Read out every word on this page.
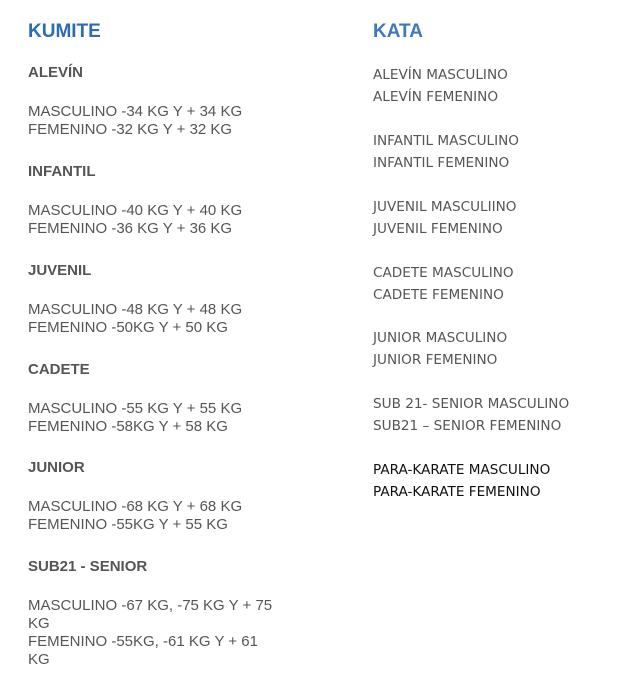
KUMITE
ALEVÍN
MASCULINO -34 KG Y + 34 KG
FEMENINO -32 KG Y + 32 KG
INFANTIL
MASCULINO -40 KG Y + 40 KG
FEMENINO -36 KG Y + 36 KG
JUVENIL
MASCULINO -48 KG Y + 48 KG
FEMENINO -50KG Y + 50 KG
CADETE
MASCULINO -55 KG Y + 55 KG
FEMENINO -58KG Y + 58 KG
JUNIOR
MASCULINO -68 KG Y + 68 KG
FEMENINO -55KG Y + 55 KG
SUB21 - SENIOR
MASCULINO -67 KG, -75 KG Y + 75 KG
FEMENINO -55KG, -61 KG Y + 61 KG
KATA
ALEVÍN MASCULINO
ALEVÍN FEMENINO
INFANTIL MASCULINO
INFANTIL FEMENINO
JUVENIL MASCULIINO
JUVENIL FEMENINO
CADETE MASCULINO
CADETE FEMENINO
JUNIOR MASCULINO
JUNIOR FEMENINO
SUB 21- SENIOR MASCULINO
SUB21 – SENIOR FEMENINO
PARA-KARATE MASCULINO
PARA-KARATE FEMENINO
